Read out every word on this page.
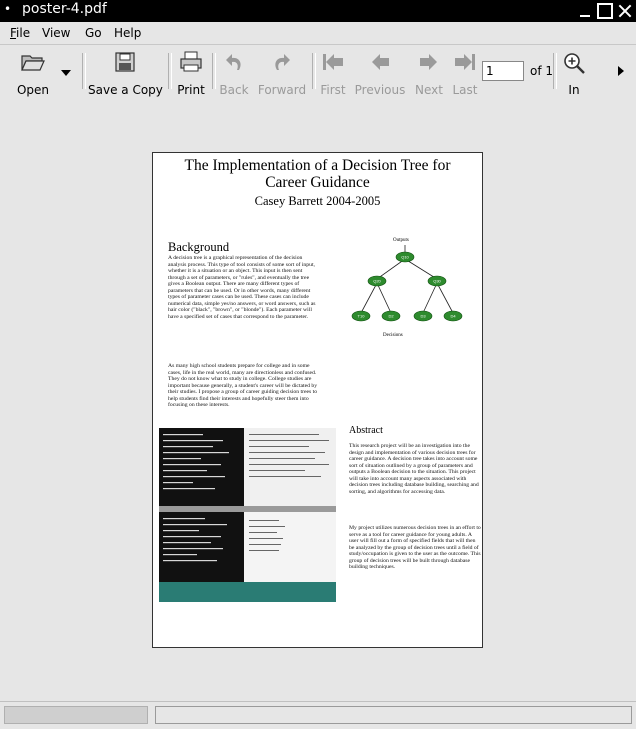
• poster-4.pdf
File View Go Help
Open	Save a Copy Print Back Forward	First Previous Next Last
1
of 1
In
The Implementation of a Decision Tree for Career Guidance
Casey Barrett 2004-2005
Background
A decision tree is a graphical representation of the decision analysis process. This type of tool consists of some sort of input, whether it is a situation or an object. This input is then sent through a set of parameters, or "rules", and eventually the tree gives a Boolean output. There are many different types of parameters that can be used. Or in other words, many different types of parameter cases can be used. These cases can include numerical data, simple yes/no answers, or word answers, such as hair color ("black", "brown", or "blonde"). Each parameter will have a specified set of cases that correspond to the parameter.
As many high school students prepare for college and in some cases, life in the real world, many are directionless and confused. They do not know what to study in college. College studies are important because generally, a student's career will be dictated by their studies. I propose a group of career guiding decision trees to help students find their interests and hopefully steer them into focusing on these interests.
Outputs
Q10
Q20	Q30
T10	D2	D3	D4
Decisions
Abstract
This research project will be an investigation into the design and implementation of various decision trees for career guidance. A decision tree takes into account some sort of situation outlined by a group of parameters and outputs a Boolean decision to the situation. This project will take into account many aspects associated with decision trees including database building, searching and sorting, and algorithms for accessing data.
My project utilizes numerous decision trees in an effort to serve as a tool for career guidance for young adults. A user will fill out a form of specified fields that will then be analyzed by the group of decision trees until a field of study/occupation is given to the user as the outcome. This group of decision trees will be built through database building techniques.
